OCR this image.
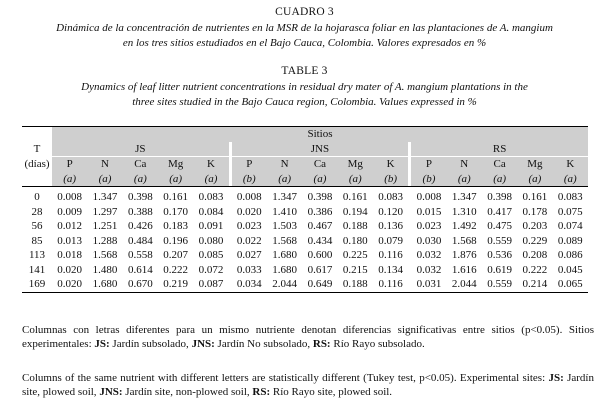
CUADRO 3
Dinámica de la concentración de nutrientes en la MSR de la hojarasca foliar en las plantaciones de A. mangium
en los tres sitios estudiados en el Bajo Cauca, Colombia. Valores expresados en %
TABLE 3
Dynamics of leaf litter nutrient concentrations in residual dry mater of A. mangium plantations in the
three sites studied in the Bajo Cauca region, Colombia. Values expressed in %
	Sitios																
T	JS						JNS						RS				
(días)	P	N	Ca	Mg	K		P	N	Ca	Mg	K		P	N	Ca	Mg	K
	(a)	(a)	(a)	(a)	(a)		(b)	(a)	(a)	(a)	(b)		(b)	(a)	(a)	(a)	(a)
0	0.008	1.347	0.398	0.161	0.083		0.008	1.347	0.398	0.161	0.083		0.008	1.347	0.398	0.161	0.083
28	0.009	1.297	0.388	0.170	0.084		0.020	1.410	0.386	0.194	0.120		0.015	1.310	0.417	0.178	0.075
56	0.012	1.251	0.426	0.183	0.091		0.023	1.503	0.467	0.188	0.136		0.023	1.492	0.475	0.203	0.074
85	0.013	1.288	0.484	0.196	0.080		0.022	1.568	0.434	0.180	0.079		0.030	1.568	0.559	0.229	0.089
113	0.018	1.568	0.558	0.207	0.085		0.027	1.680	0.600	0.225	0.116		0.032	1.876	0.536	0.208	0.086
141	0.020	1.480	0.614	0.222	0.072		0.033	1.680	0.617	0.215	0.134		0.032	1.616	0.619	0.222	0.045
169	0.020	1.680	0.670	0.219	0.087		0.034	2.044	0.649	0.188	0.116		0.031	2.044	0.559	0.214	0.065
Columnas con letras diferentes para un mismo nutriente denotan diferencias significativas entre sitios (p<0.05). Sitios experimentales: JS: Jardín subsolado, JNS: Jardín No subsolado, RS: Río Rayo subsolado.
Columns of the same nutrient with different letters are statistically different (Tukey test, p<0.05). Experimental sites: JS: Jardín site, plowed soil, JNS: Jardín site, non-plowed soil, RS: Río Rayo site, plowed soil.
